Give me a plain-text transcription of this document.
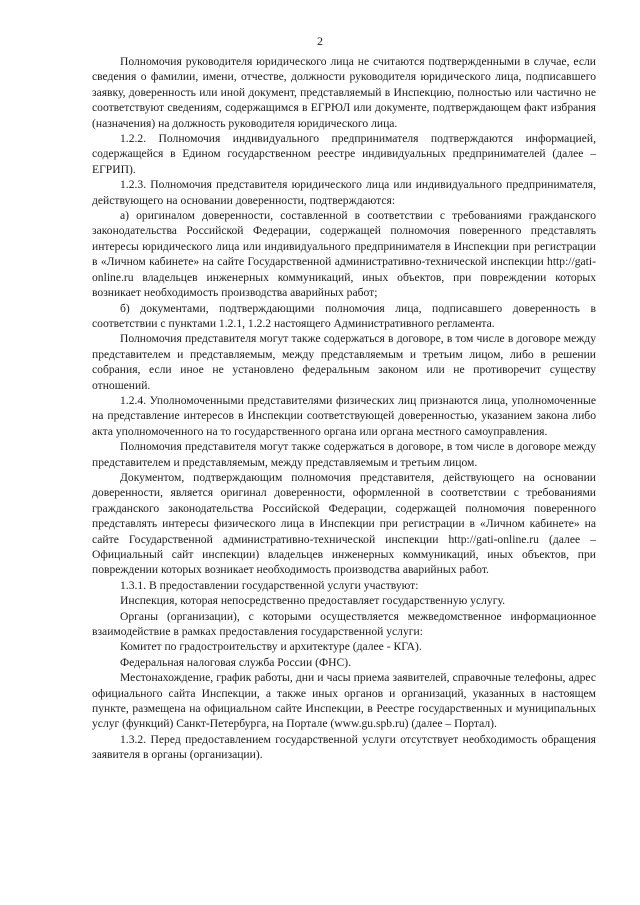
2

Полномочия руководителя юридического лица не считаются подтвержденными в случае, если сведения о фамилии, имени, отчестве, должности руководителя юридического лица, подписавшего заявку, доверенность или иной документ, представляемый в Инспекцию, полностью или частично не соответствуют сведениям, содержащимся в ЕГРЮЛ или документе, подтверждающем факт избрания (назначения) на должность руководителя юридического лица.

1.2.2. Полномочия индивидуального предпринимателя подтверждаются информацией, содержащейся в Едином государственном реестре индивидуальных предпринимателей (далее – ЕГРИП).

1.2.3. Полномочия представителя юридического лица или индивидуального предпринимателя, действующего на основании доверенности, подтверждаются:

а) оригиналом доверенности, составленной в соответствии с требованиями гражданского законодательства Российской Федерации, содержащей полномочия поверенного представлять интересы юридического лица или индивидуального предпринимателя в Инспекции при регистрации в «Личном кабинете» на сайте Государственной административно-технической инспекции http://gati-online.ru владельцев инженерных коммуникаций, иных объектов, при повреждении которых возникает необходимость производства аварийных работ;

б) документами, подтверждающими полномочия лица, подписавшего доверенность в соответствии с пунктами 1.2.1, 1.2.2 настоящего Административного регламента.

Полномочия представителя могут также содержаться в договоре, в том числе в договоре между представителем и представляемым, между представляемым и третьим лицом, либо в решении собрания, если иное не установлено федеральным законом или не противоречит существу отношений.

1.2.4. Уполномоченными представителями физических лиц признаются лица, уполномоченные на представление интересов в Инспекции соответствующей доверенностью, указанием закона либо акта уполномоченного на то государственного органа или органа местного самоуправления.

Полномочия представителя могут также содержаться в договоре, в том числе в договоре между представителем и представляемым, между представляемым и третьим лицом.

Документом, подтверждающим полномочия представителя, действующего на основании доверенности, является оригинал доверенности, оформленной в соответствии с требованиями гражданского законодательства Российской Федерации, содержащей полномочия поверенного представлять интересы физического лица в Инспекции при регистрации в «Личном кабинете» на сайте Государственной административно-технической инспекции http://gati-online.ru (далее – Официальный сайт инспекции) владельцев инженерных коммуникаций, иных объектов, при повреждении которых возникает необходимость производства аварийных работ.

1.3.1. В предоставлении государственной услуги участвуют:

Инспекция, которая непосредственно предоставляет государственную услугу.

Органы (организации), с которыми осуществляется межведомственное информационное взаимодействие в рамках предоставления государственной услуги:

Комитет по градостроительству и архитектуре (далее - КГА).

Федеральная налоговая служба России (ФНС).

Местонахождение, график работы, дни и часы приема заявителей, справочные телефоны, адрес официального сайта Инспекции, а также иных органов и организаций, указанных в настоящем пункте, размещена на официальном сайте Инспекции, в Реестре государственных и муниципальных услуг (функций) Санкт-Петербурга, на Портале (www.gu.spb.ru) (далее – Портал).

1.3.2. Перед предоставлением государственной услуги отсутствует необходимость обращения заявителя в органы (организации).
